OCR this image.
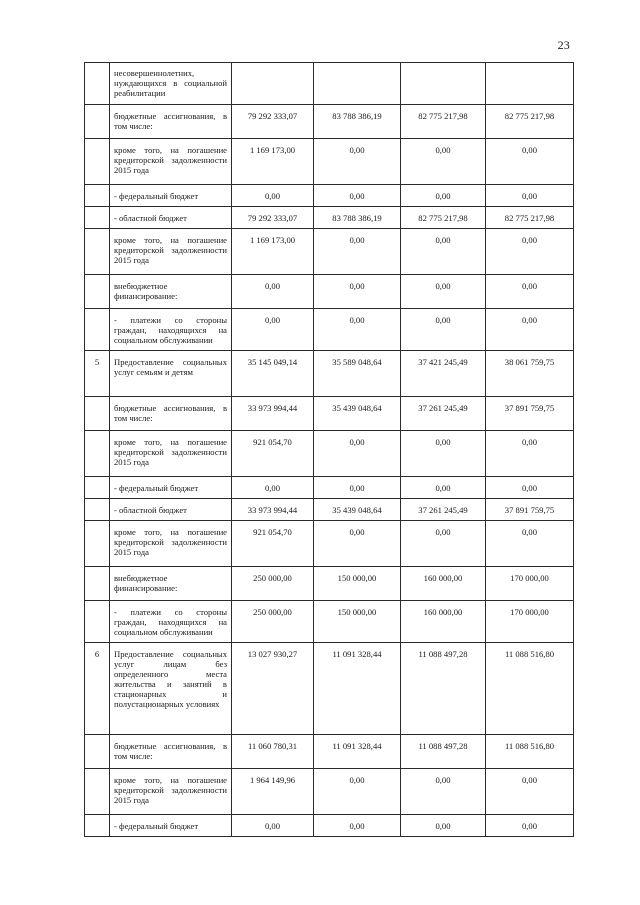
23
	несовершеннолетних, нуждающихся в социальной реабилитации				
	бюджетные ассигнования, в том числе:	79 292 333,07	83 788 386,19	82 775 217,98	82 775 217,98
	кроме того, на погашение кредиторской задолженности 2015 года	1 169 173,00	0,00	0,00	0,00
	- федеральный бюджет	0,00	0,00	0,00	0,00
	- областной бюджет	79 292 333,07	83 788 386,19	82 775 217,98	82 775 217,98
	кроме того, на погашение кредиторской задолженности 2015 года	1 169 173,00	0,00	0,00	0,00
	внебюджетное финансирование:	0,00	0,00	0,00	0,00
	- платежи со стороны граждан, находящихся на социальном обслуживании	0,00	0,00	0,00	0,00
5	Предоставление социальных услуг семьям и детям	35 145 049,14	35 589 048,64	37 421 245,49	38 061 759,75
	бюджетные ассигнования, в том числе:	33 973 994,44	35 439 048,64	37 261 245,49	37 891 759,75
	кроме того, на погашение кредиторской задолженности 2015 года	921 054,70	0,00	0,00	0,00
	- федеральный бюджет	0,00	0,00	0,00	0,00
	- областной бюджет	33 973 994,44	35 439 048,64	37 261 245,49	37 891 759,75
	кроме того, на погашение кредиторской задолженности 2015 года	921 054,70	0,00	0,00	0,00
	внебюджетное финансирование:	250 000,00	150 000,00	160 000,00	170 000,00
	- платежи со стороны граждан, находящихся на социальном обслуживании	250 000,00	150 000,00	160 000,00	170 000,00
6	Предоставление социальных услуг лицам без определенного места жительства и занятий в стационарных и полустационарных условиях	13 027 930,27	11 091 328,44	11 088 497,28	11 088 516,80
	бюджетные ассигнования, в том числе:	11 060 780,31	11 091 328,44	11 088 497,28	11 088 516,80
	кроме того, на погашение кредиторской задолженности 2015 года	1 964 149,96	0,00	0,00	0,00
	- федеральный бюджет	0,00	0,00	0,00	0,00
